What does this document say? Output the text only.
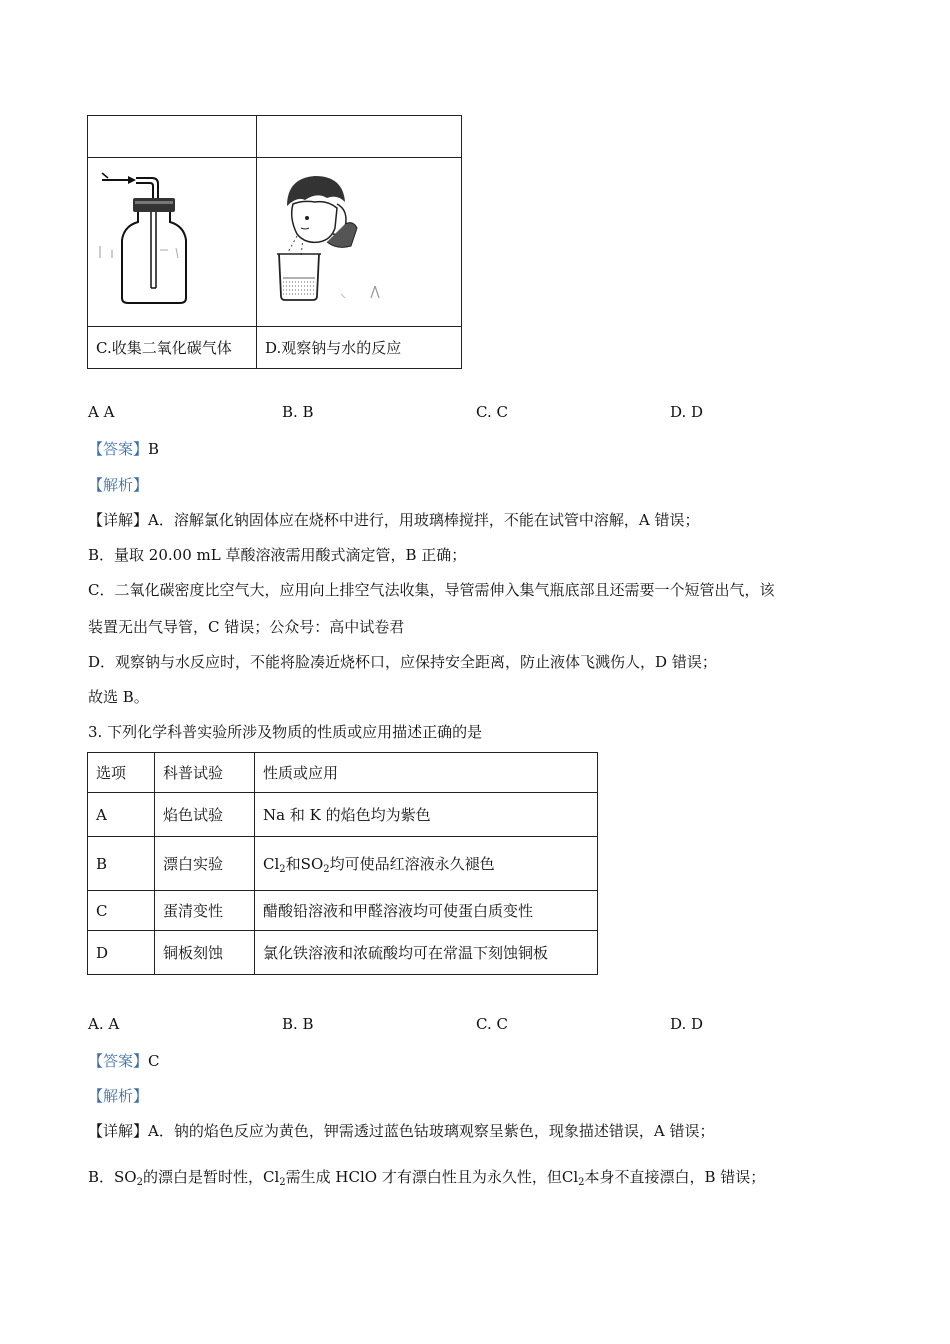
C.收集二氧化碳气体	D.观察钠与水的反应
A A	B. B	C. C	D. D
【答案】B
【解析】
【详解】A．溶解氯化钠固体应在烧杯中进行，用玻璃棒搅拌，不能在试管中溶解，A 错误；
B．量取 20.00 mL 草酸溶液需用酸式滴定管，B 正确；
C．二氧化碳密度比空气大，应用向上排空气法收集，导管需伸入集气瓶底部且还需要一个短管出气，该
装置无出气导管，C 错误；公众号：高中试卷君
D．观察钠与水反应时，不能将脸凑近烧杯口，应保持安全距离，防止液体飞溅伤人，D 错误；
故选 B。
3. 下列化学科普实验所涉及物质的性质或应用描述正确的是
选项	科普试验	性质或应用
A	焰色试验	Na 和 K 的焰色均为紫色
B	漂白实验	$Cl_2$和$SO_2$均可使品红溶液永久褪色
C	蛋清变性	醋酸铅溶液和甲醛溶液均可使蛋白质变性
D	铜板刻蚀	氯化铁溶液和浓硫酸均可在常温下刻蚀铜板
A. A	B. B	C. C	D. D
【答案】C
【解析】
【详解】A．钠的焰色反应为黄色，钾需透过蓝色钴玻璃观察呈紫色，现象描述错误，A 错误；
B．$SO_2$的漂白是暂时性，$Cl_2$需生成 HClO 才有漂白性且为永久性，但$Cl_2$本身不直接漂白，B 错误；
